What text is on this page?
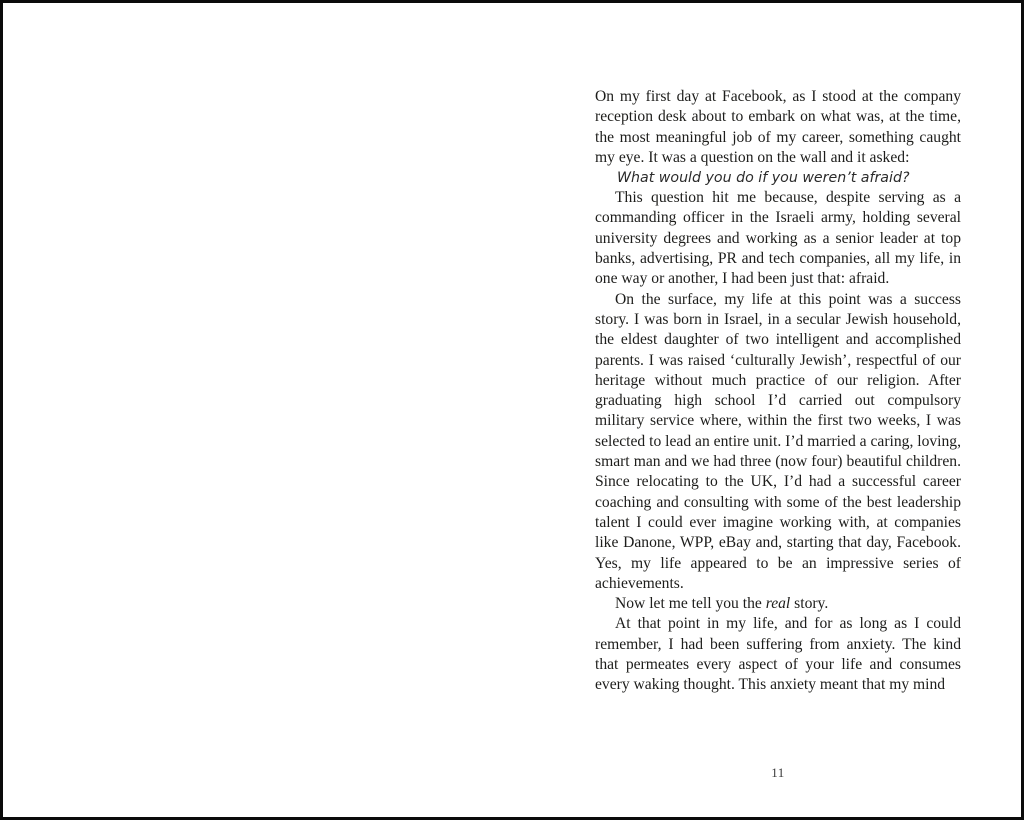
On my first day at Facebook, as I stood at the company reception desk about to embark on what was, at the time, the most meaningful job of my career, something caught my eye. It was a question on the wall and it asked:

What would you do if you weren’t afraid?

This question hit me because, despite serving as a commanding officer in the Israeli army, holding several university degrees and working as a senior leader at top banks, advertising, PR and tech companies, all my life, in one way or another, I had been just that: afraid.

On the surface, my life at this point was a success story. I was born in Israel, in a secular Jewish household, the eldest daughter of two intelligent and accomplished parents. I was raised ‘culturally Jewish’, respectful of our heritage without much practice of our religion. After graduating high school I’d carried out compulsory military service where, within the first two weeks, I was selected to lead an entire unit. I’d married a caring, loving, smart man and we had three (now four) beautiful children. Since relocating to the UK, I’d had a successful career coaching and consulting with some of the best leadership talent I could ever imagine working with, at companies like Danone, WPP, eBay and, starting that day, Facebook. Yes, my life appeared to be an impressive series of achievements.

Now let me tell you the real story.

At that point in my life, and for as long as I could remember, I had been suffering from anxiety. The kind that permeates every aspect of your life and consumes every waking thought. This anxiety meant that my mind

11
